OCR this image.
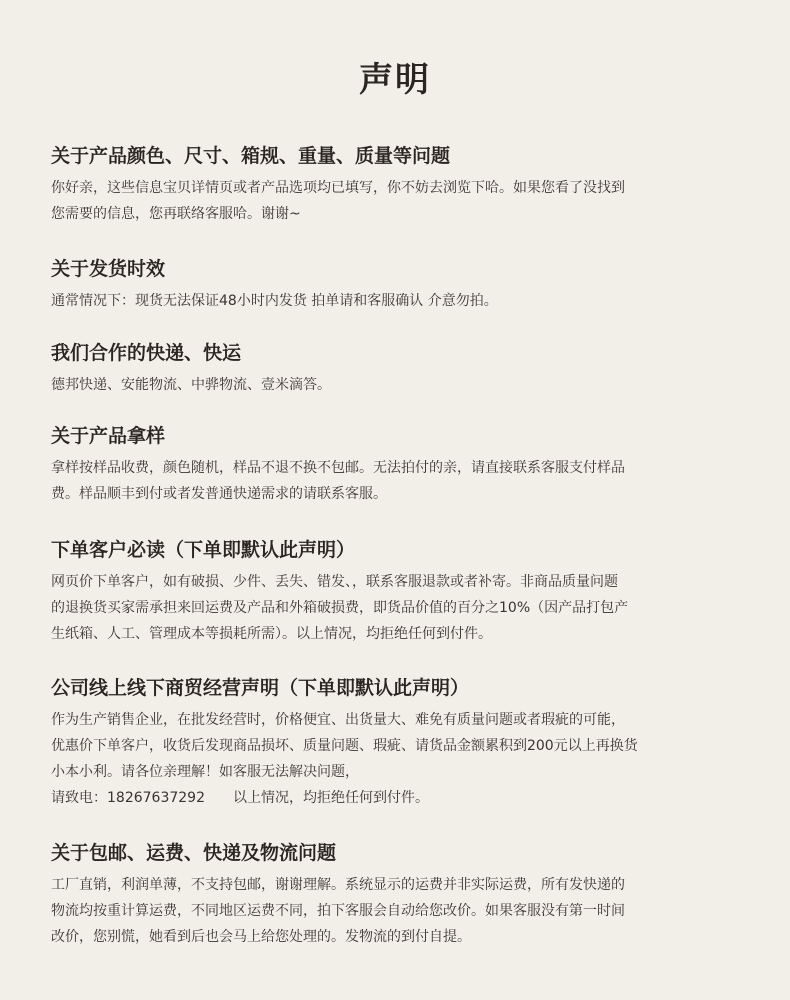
声明
关于产品颜色、尺寸、箱规、重量、质量等问题

你好亲，这些信息宝贝详情页或者产品选项均已填写，你不妨去浏览下哈。如果您看了没找到
您需要的信息，您再联络客服哈。谢谢~

关于发货时效

通常情况下：现货无法保证48小时内发货 拍单请和客服确认 介意勿拍。

我们合作的快递、快运

德邦快递、安能物流、中骅物流、壹米滴答。

关于产品拿样

拿样按样品收费，颜色随机，样品不退不换不包邮。无法拍付的亲，请直接联系客服支付样品
费。样品顺丰到付或者发普通快递需求的请联系客服。

下单客户必读（下单即默认此声明）

网页价下单客户，如有破损、少件、丢失、错发、，联系客服退款或者补寄。非商品质量问题
的退换货买家需承担来回运费及产品和外箱破损费，即货品价值的百分之10%（因产品打包产
生纸箱、人工、管理成本等损耗所需）。以上情况，均拒绝任何到付件。

公司线上线下商贸经营声明（下单即默认此声明）

作为生产销售企业，在批发经营时，价格便宜、出货量大、难免有质量问题或者瑕疵的可能，
优惠价下单客户，收货后发现商品损坏、质量问题、瑕疵、请货品金额累积到200元以上再换货
小本小利。请各位亲理解！如客服无法解决问题，
请致电：18267637292 以上情况，均拒绝任何到付件。

关于包邮、运费、快递及物流问题

工厂直销，利润单薄，不支持包邮，谢谢理解。系统显示的运费并非实际运费，所有发快递的
物流均按重计算运费，不同地区运费不同，拍下客服会自动给您改价。如果客服没有第一时间
改价，您别慌，她看到后也会马上给您处理的。发物流的到付自提。
